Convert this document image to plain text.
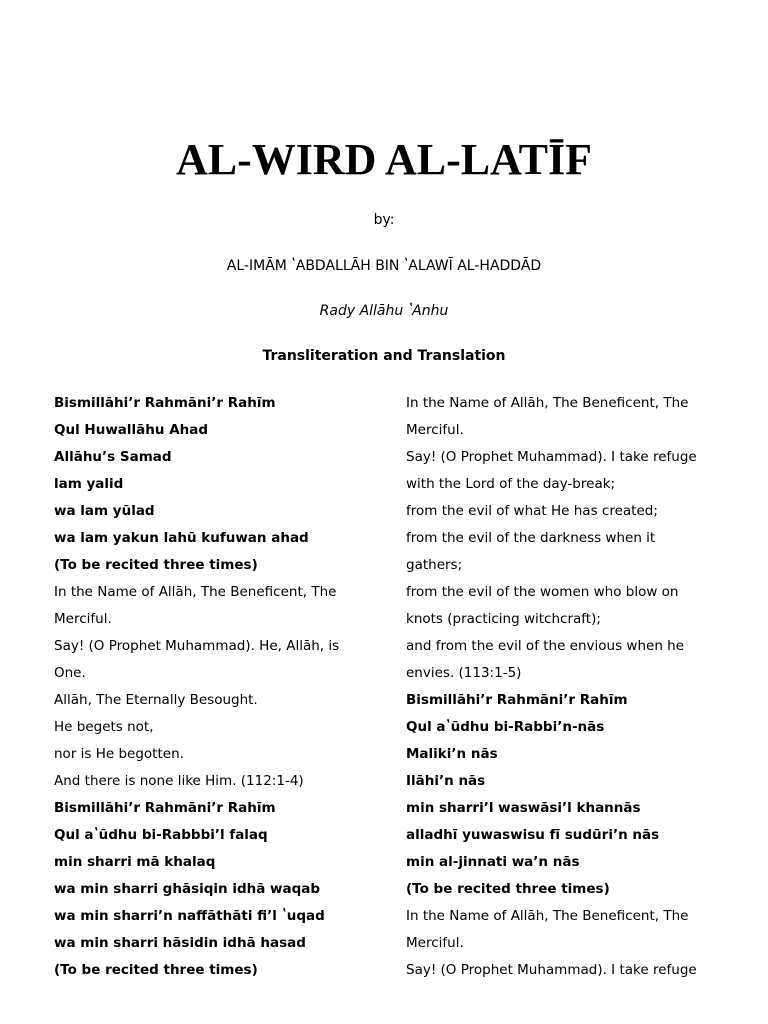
AL-WIRD AL-LATĪF
by:
AL-IMĀM ʽABDALLĀH BIN ʽALAWĪ AL-HADDĀD
Rady Allāhu ʽAnhu
Transliteration and Translation
Bismillāhi’r Rahmāni’r Rahīm
Qul Huwallāhu Ahad
Allāhu’s Samad
lam yalid
wa lam yūlad
wa lam yakun lahū kufuwan ahad
(To be recited three times)
In the Name of Allāh, The Beneficent, The
Merciful.
Say! (O Prophet Muhammad). He, Allāh, is
One.
Allāh, The Eternally Besought.
He begets not,
nor is He begotten.
And there is none like Him. (112:1-4)
Bismillāhi’r Rahmāni’r Rahīm
Qul aʽūdhu bi-Rabbbi’l falaq
min sharri mā khalaq
wa min sharri ghāsiqin idhā waqab
wa min sharri’n naffāthāti fi’l ʽuqad
wa min sharri hāsidin idhā hasad
(To be recited three times)
In the Name of Allāh, The Beneficent, The
Merciful.
Say! (O Prophet Muhammad). I take refuge
with the Lord of the day-break;
from the evil of what He has created;
from the evil of the darkness when it
gathers;
from the evil of the women who blow on
knots (practicing witchcraft);
and from the evil of the envious when he
envies. (113:1-5)
Bismillāhi’r Rahmāni’r Rahīm
Qul aʽūdhu bi-Rabbi’n-nās
Maliki’n nās
Ilāhi’n nās
min sharri’l waswāsi’l khannās
alladhī yuwaswisu fī sudūri’n nās
min al-jinnati wa’n nās
(To be recited three times)
In the Name of Allāh, The Beneficent, The
Merciful.
Say! (O Prophet Muhammad). I take refuge
